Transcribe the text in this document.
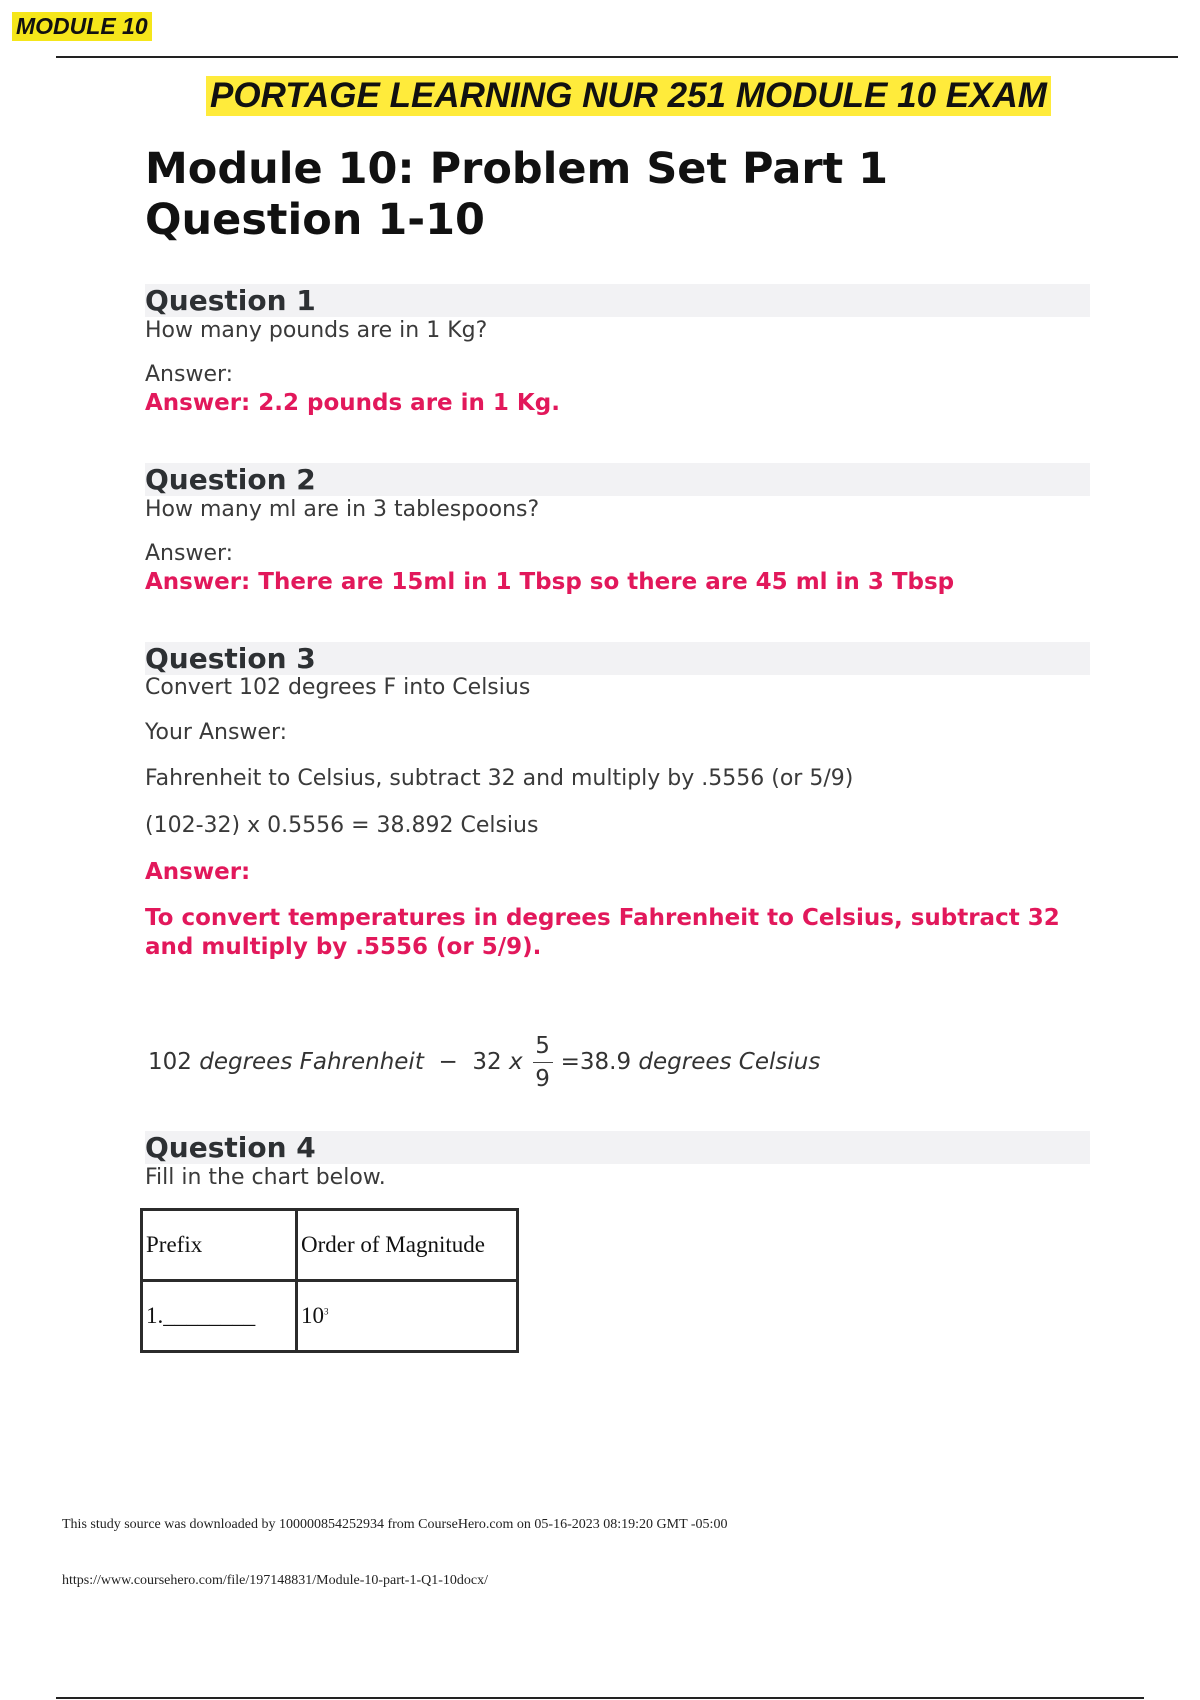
MODULE 10
PORTAGE LEARNING NUR 251 MODULE 10 EXAM
Module 10: Problem Set Part 1
Question 1-10
Question 1
How many pounds are in 1 Kg?
Answer:
Answer: 2.2 pounds are in 1 Kg.
Question 2
How many ml are in 3 tablespoons?
Answer:
Answer: There are 15ml in 1 Tbsp so there are 45 ml in 3 Tbsp
Question 3
Convert 102 degrees F into Celsius
Your Answer:
Fahrenheit to Celsius, subtract 32 and multiply by .5556 (or 5/9)
(102-32) x 0.5556 = 38.892 Celsius
Answer:
To convert temperatures in degrees Fahrenheit to Celsius, subtract 32 and multiply by .5556 (or 5/9).
102
degrees Fahrenheit
−
32
x $\frac{5}{9} = 38.9$
degrees Celsius
Question 4
Fill in the chart below.
Prefix	Order of Magnitude
1.________	$10^3$
This study source was downloaded by 100000854252934 from CourseHero.com on 05-16-2023 08:19:20 GMT -05:00
https://www.coursehero.com/file/197148831/Module-10-part-1-Q1-10docx/
